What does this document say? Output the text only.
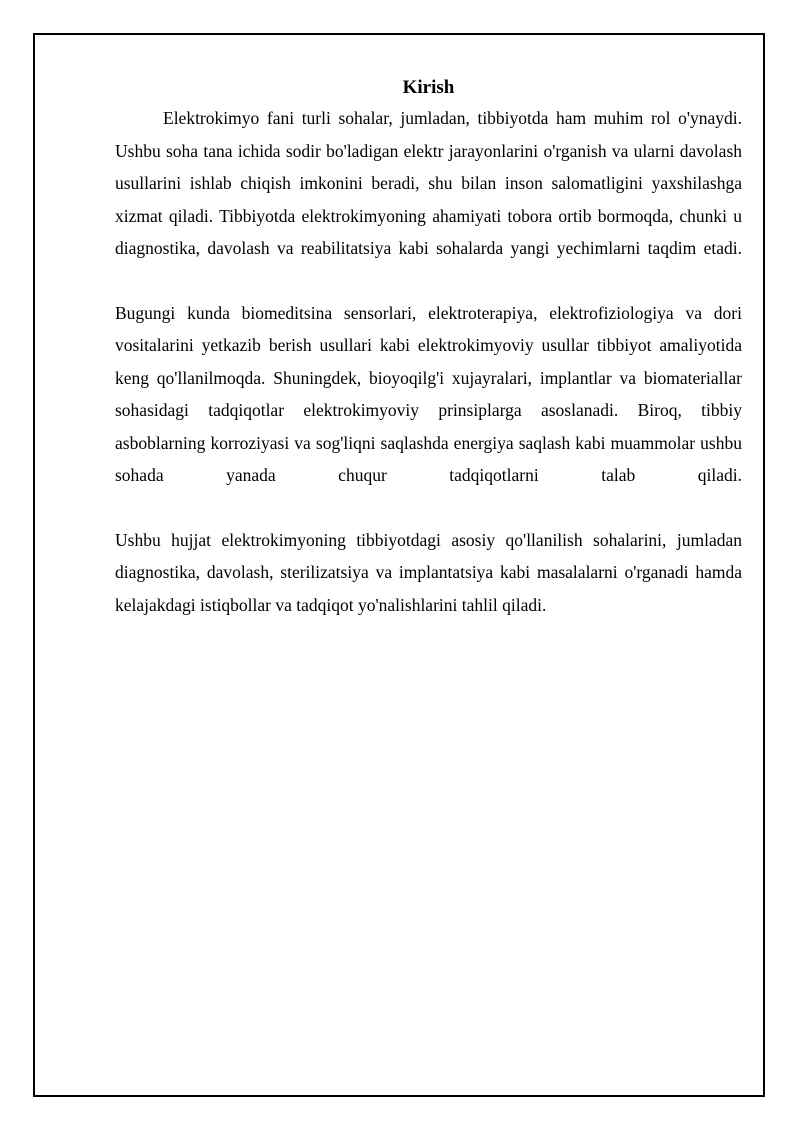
Kirish

Elektrokimyo fani turli sohalar, jumladan, tibbiyotda ham muhim rol o'ynaydi. Ushbu soha tana ichida sodir bo'ladigan elektr jarayonlarini o'rganish va ularni davolash usullarini ishlab chiqish imkonini beradi, shu bilan inson salomatligini yaxshilashga xizmat qiladi. Tibbiyotda elektrokimyoning ahamiyati tobora ortib bormoqda, chunki u diagnostika, davolash va reabilitatsiya kabi sohalarda yangi yechimlarni taqdim etadi.

Bugungi kunda biomeditsina sensorlari, elektroterapiya, elektrofiziologiya va dori vositalarini yetkazib berish usullari kabi elektrokimyoviy usullar tibbiyot amaliyotida keng qo'llanilmoqda. Shuningdek, bioyoqilg'i xujayralari, implantlar va biomateriallar sohasidagi tadqiqotlar elektrokimyoviy prinsiplarga asoslanadi. Biroq, tibbiy asboblarning korroziyasi va sog'liqni saqlashda energiya saqlash kabi muammolar ushbu sohada yanada chuqur tadqiqotlarni talab qiladi.

Ushbu hujjat elektrokimyoning tibbiyotdagi asosiy qo'llanilish sohalarini, jumladan diagnostika, davolash, sterilizatsiya va implantatsiya kabi masalalarni o'rganadi hamda kelajakdagi istiqbollar va tadqiqot yo'nalishlarini tahlil qiladi.
